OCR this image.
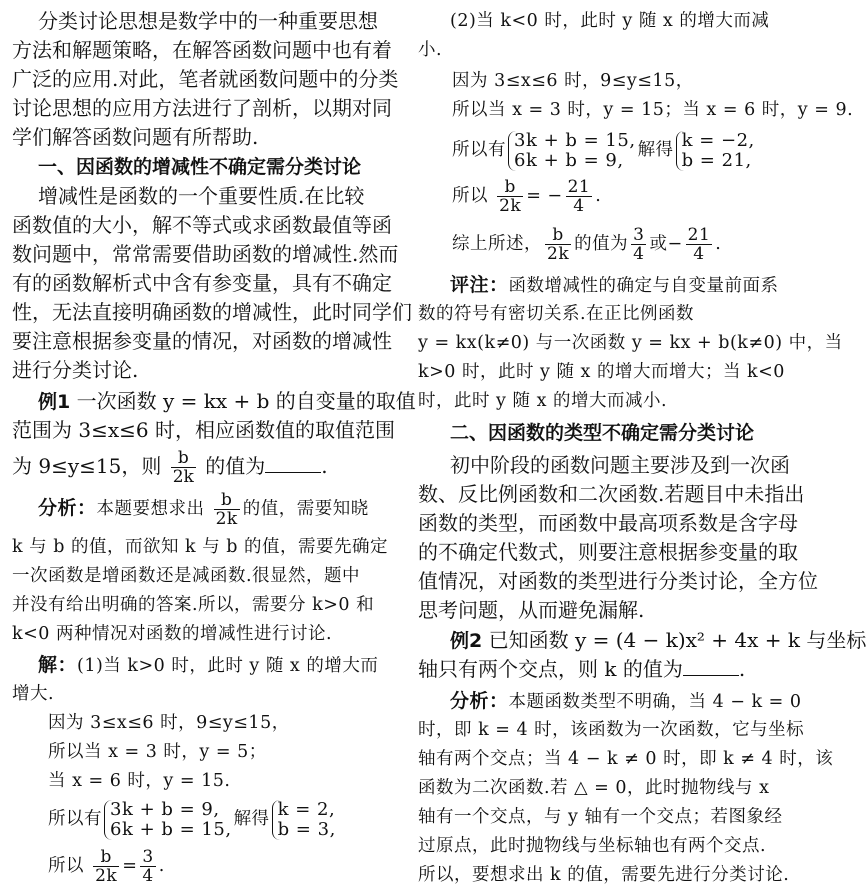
分类讨论思想是数学中的一种重要思想
方法和解题策略，在解答函数问题中也有着
广泛的应用.对此，笔者就函数问题中的分类
讨论思想的应用方法进行了剖析，以期对同
学们解答函数问题有所帮助.
一、因函数的增减性不确定需分类讨论
增减性是函数的一个重要性质.在比较
函数值的大小，解不等式或求函数最值等函
数问题中，常常需要借助函数的增减性.然而
有的函数解析式中含有参变量，具有不确定
性，无法直接明确函数的增减性，此时同学们
要注意根据参变量的情况，对函数的增减性
进行分类讨论.
例1 一次函数 y = kx + b 的自变量的取值
范围为 3≤x≤6 时，相应函数值的取值范围
为 9≤y≤15，则 $\frac{b}{2k}$ 的值为	.
分析：本题要想求出 $\frac{b}{2k}$ 的值，需要知晓
k 与 b 的值，而欲知 k 与 b 的值，需要先确定
一次函数是增函数还是减函数.很显然，题中
并没有给出明确的答案.所以，需要分 k>0 和
k<0 两种情况对函数的增减性进行讨论.
解：(1)当 k>0 时，此时 y 随 x 的增大而
增大.
因为 3≤x≤6 时，9≤y≤15，
所以当 x = 3 时，y = 5；
当 x = 6 时，y = 15.
所以有 3k + b = 9,
6k + b = 15, 解得 k = 2,
b = 3,
所以 $\frac{b}{2k} = \frac{3}{4}$ .
(2)当 k<0 时，此时 y 随 x 的增大而减
小.
因为 3≤x≤6 时，9≤y≤15，
所以当 x = 3 时，y = 15；当 x = 6 时，y = 9.
所以有 3k + b = 15,
6k + b = 9, 解得 k = −2,
b = 21,
所以 $\frac{b}{2k}$ = − $\frac{21}{4}$ .
综上所述， $\frac{b}{2k}$ 的值为 $\frac{3}{4}$ 或− $\frac{21}{4}$ .
评注：函数增减性的确定与自变量前面系
数的符号有密切关系.在正比例函数
y = kx(k≠0) 与一次函数 y = kx + b(k≠0) 中，当
k>0 时，此时 y 随 x 的增大而增大；当 k<0
时，此时 y 随 x 的增大而减小.
二、因函数的类型不确定需分类讨论
初中阶段的函数问题主要涉及到一次函
数、反比例函数和二次函数.若题目中未指出
函数的类型，而函数中最高项系数是含字母
的不确定代数式，则要注意根据参变量的取
值情况，对函数的类型进行分类讨论，全方位
思考问题，从而避免漏解.
例2 已知函数 y = (4 − k)x² + 4x + k 与坐标
轴只有两个交点，则 k 的值为	.
分析：本题函数类型不明确，当 4 − k = 0
时，即 k = 4 时，该函数为一次函数，它与坐标
轴有两个交点；当 4 − k ≠ 0 时，即 k ≠ 4 时，该
函数为二次函数.若 △ = 0，此时抛物线与 x
轴有一个交点，与 y 轴有一个交点；若图象经
过原点，此时抛物线与坐标轴也有两个交点.
所以，要想求出 k 的值，需要先进行分类讨论.
